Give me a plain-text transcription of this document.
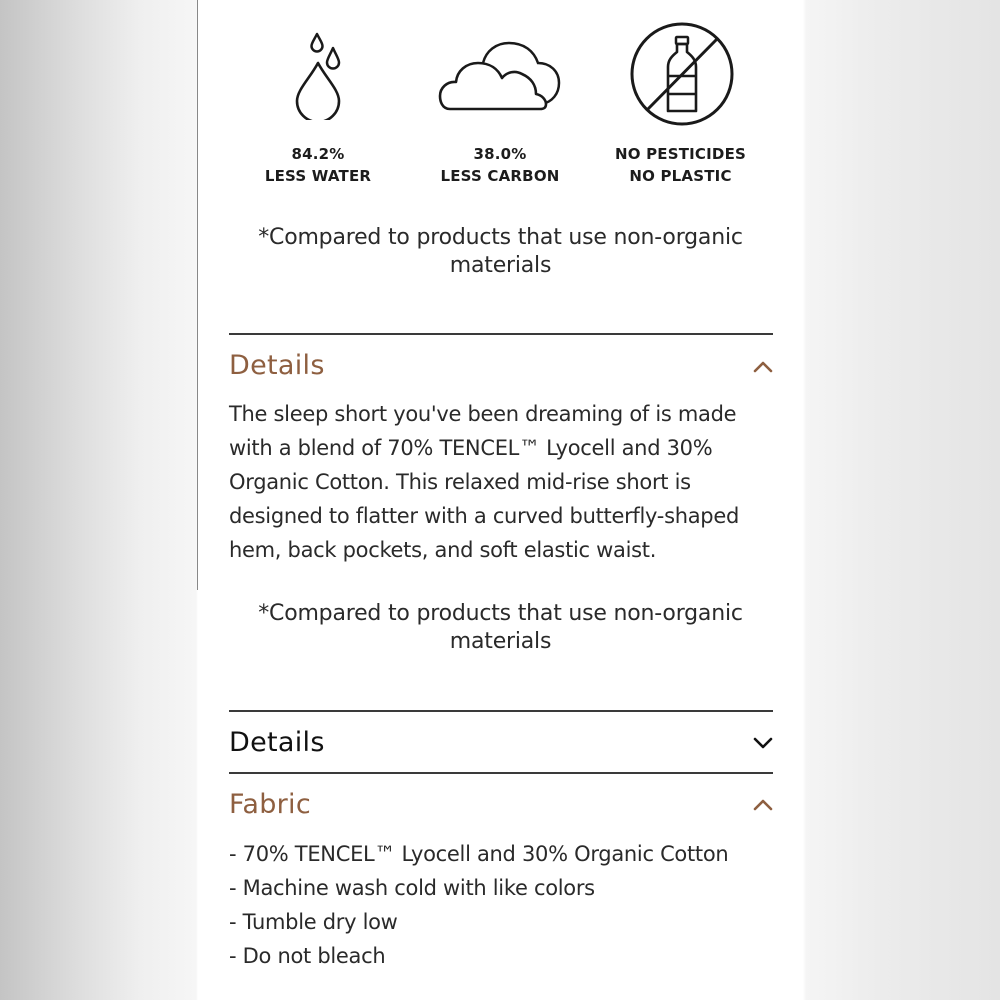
84.2%
LESS WATER
38.0%
LESS CARBON
NO PESTICIDES
NO PLASTIC
*Compared to products that use non-organic materials
Details
The sleep short you've been dreaming of is made with a blend of 70% TENCEL™ Lyocell and 30% Organic Cotton. This relaxed mid-rise short is designed to flatter with a curved butterfly-shaped hem, back pockets, and soft elastic waist.
*Compared to products that use non-organic materials
Details
Fabric
- 70% TENCEL™ Lyocell and 30% Organic Cotton
- Machine wash cold with like colors
- Tumble dry low
- Do not bleach
